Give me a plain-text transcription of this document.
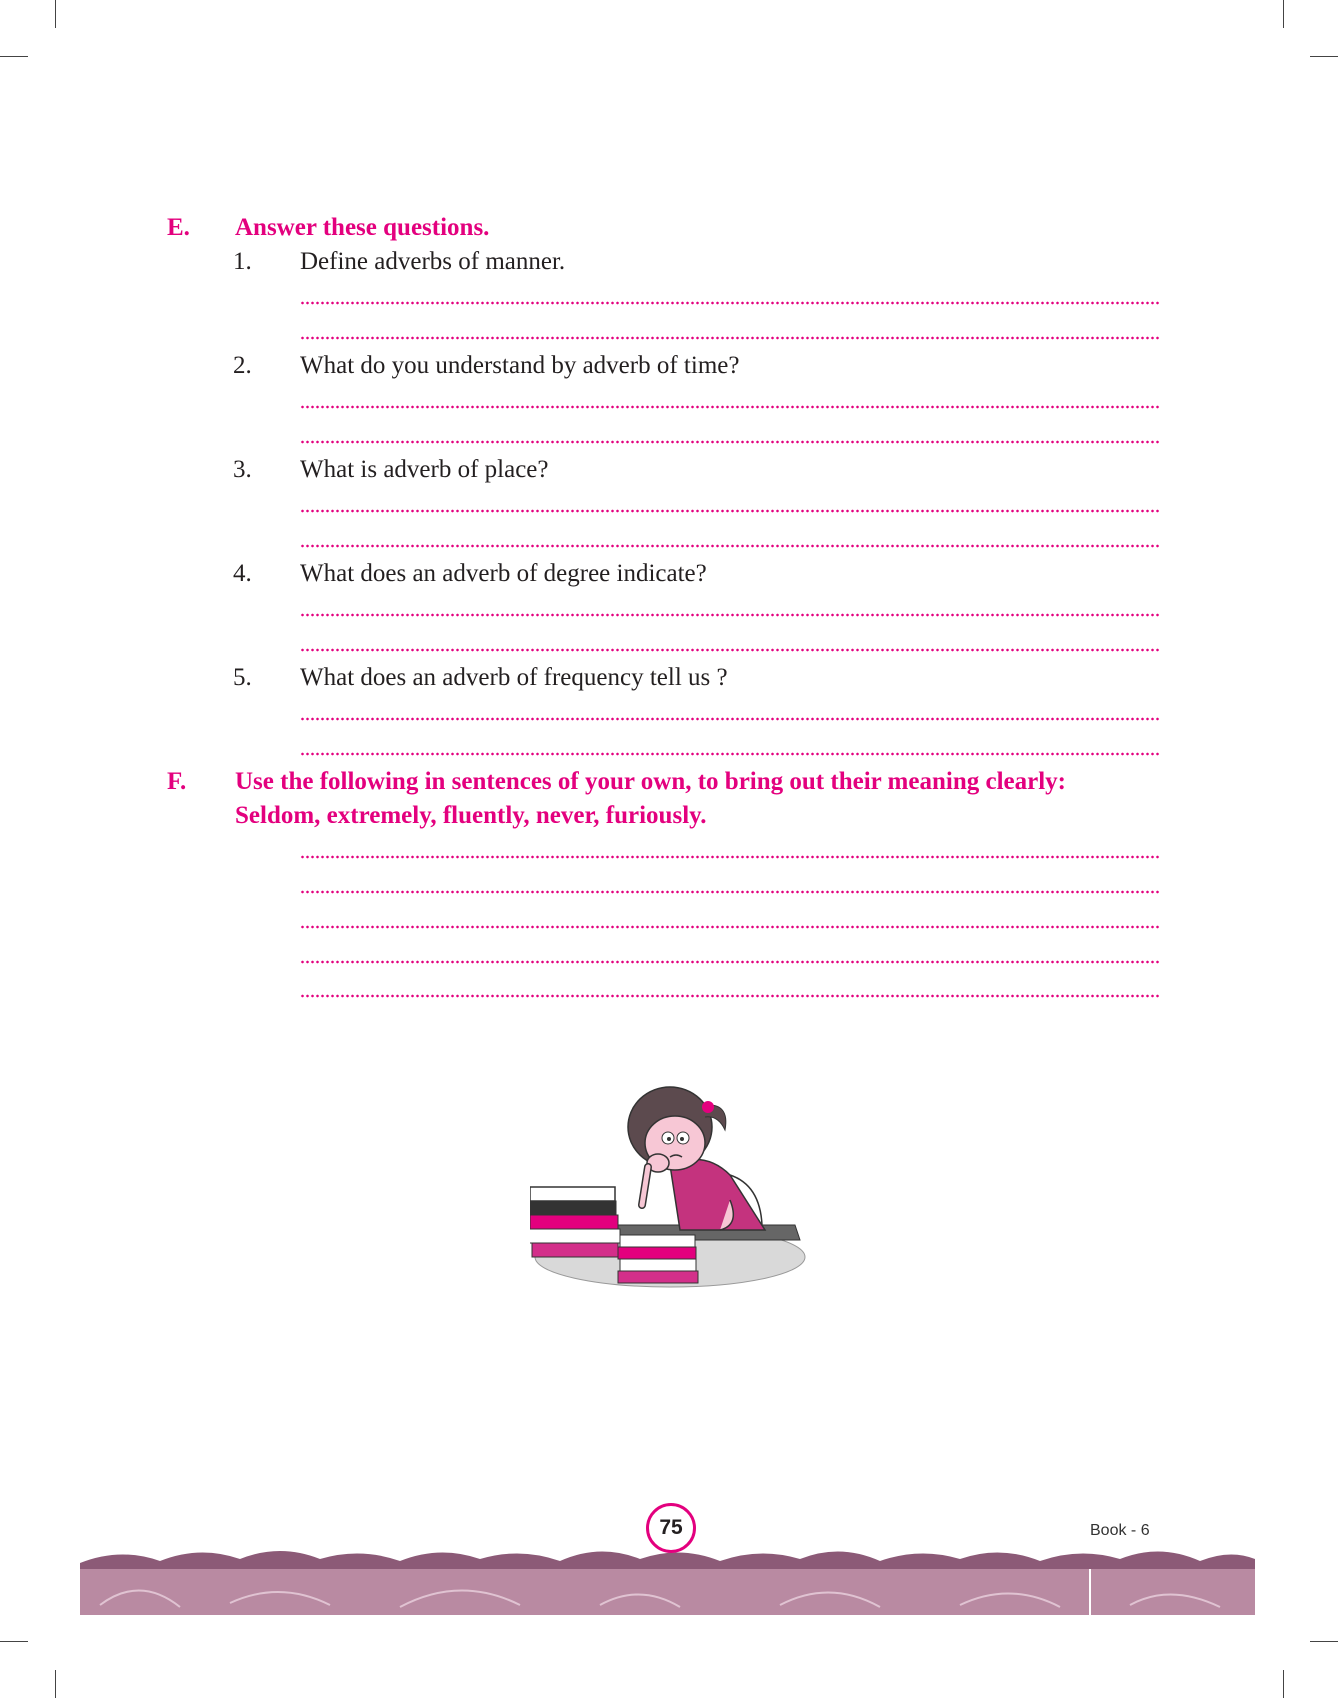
E. Answer these questions.
1. Define adverbs of manner.
2. What do you understand by adverb of time?
3. What is adverb of place?
4. What does an adverb of degree indicate?
5. What does an adverb of frequency tell us ?
F. Use the following in sentences of your own, to bring out their meaning clearly:
Seldom, extremely, fluently, never, furiously.
75	Book - 6
